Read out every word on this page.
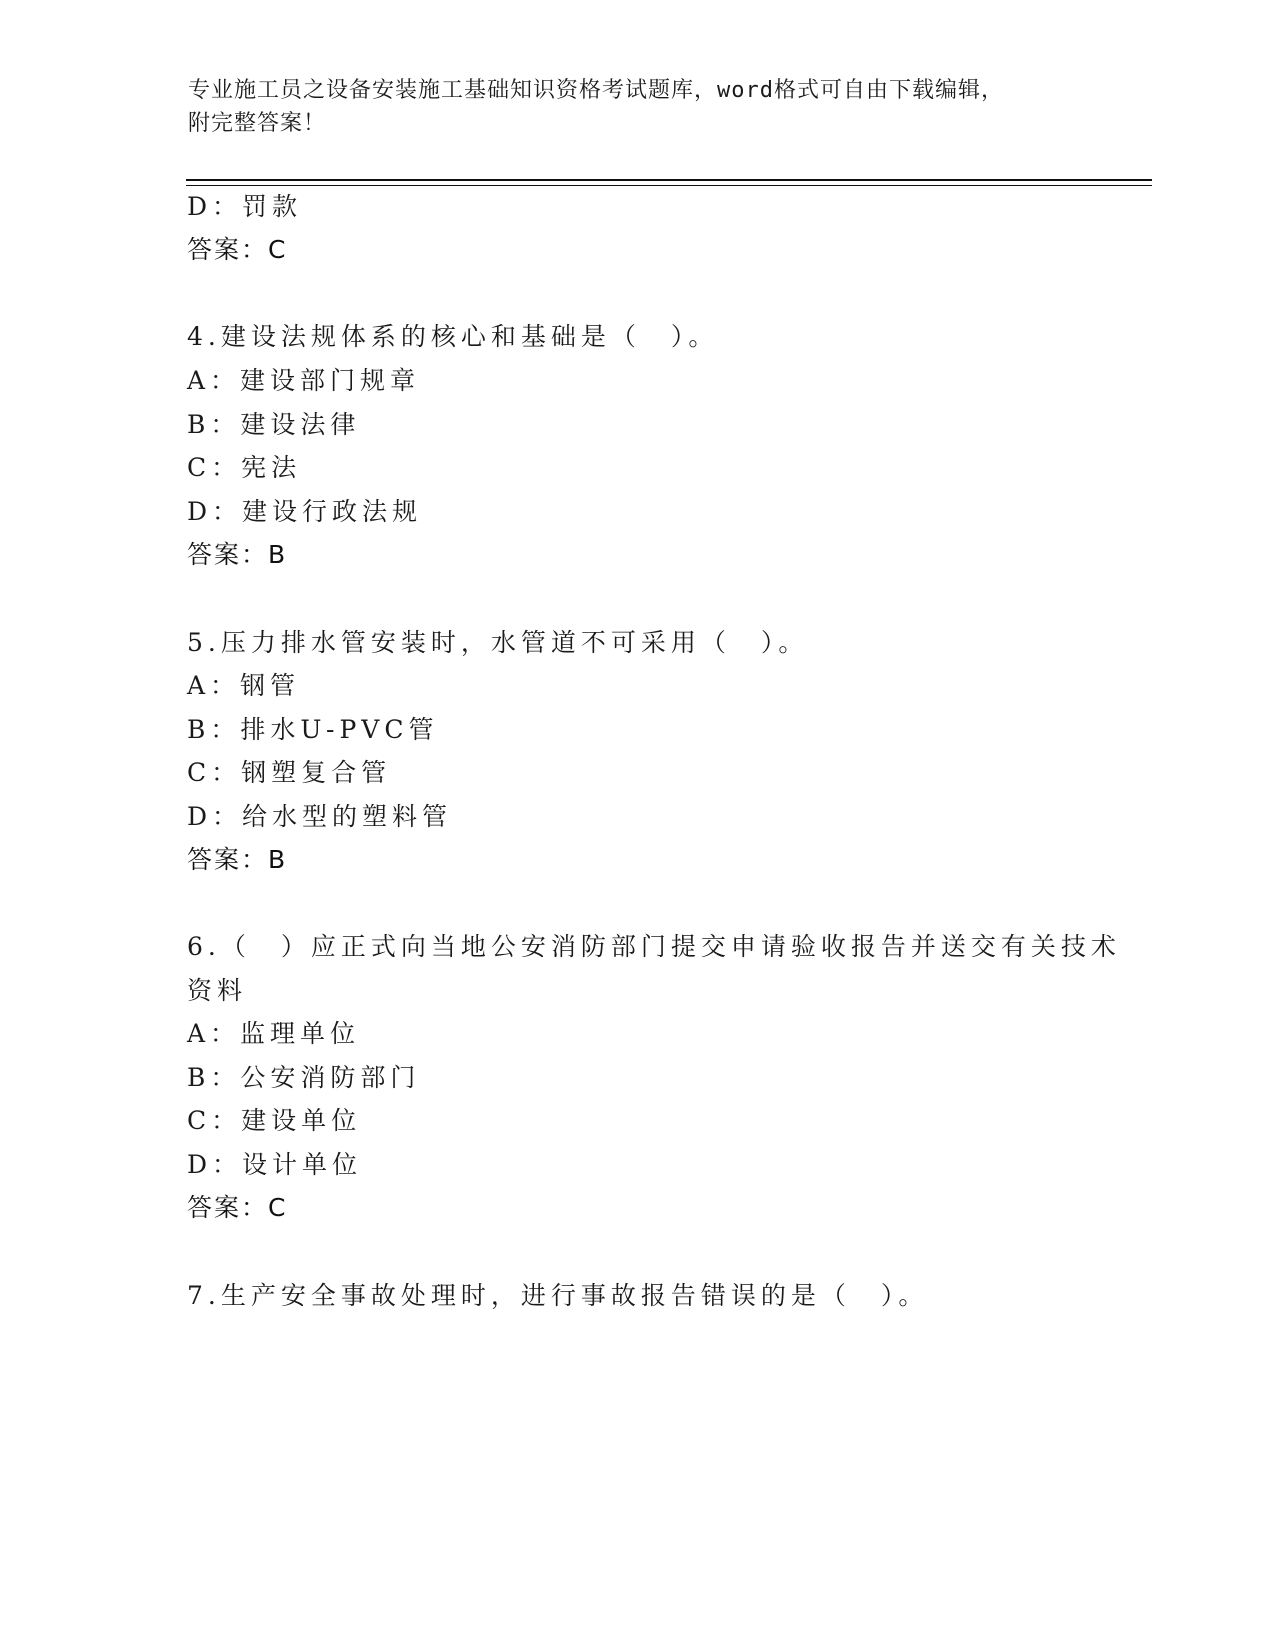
专业施工员之设备安装施工基础知识资格考试题库，word格式可自由下载编辑，
附完整答案！
D：罚款
答案：C
4.建设法规体系的核心和基础是（　）。
A：建设部门规章
B：建设法律
C：宪法
D：建设行政法规
答案：B
5.压力排水管安装时，水管道不可采用（　）。
A：钢管
B：排水U-PVC管
C：钢塑复合管
D：给水型的塑料管
答案：B
6.（　）应正式向当地公安消防部门提交申请验收报告并送交有关技术
资料
A：监理单位
B：公安消防部门
C：建设单位
D：设计单位
答案：C
7.生产安全事故处理时，进行事故报告错误的是（　）。
